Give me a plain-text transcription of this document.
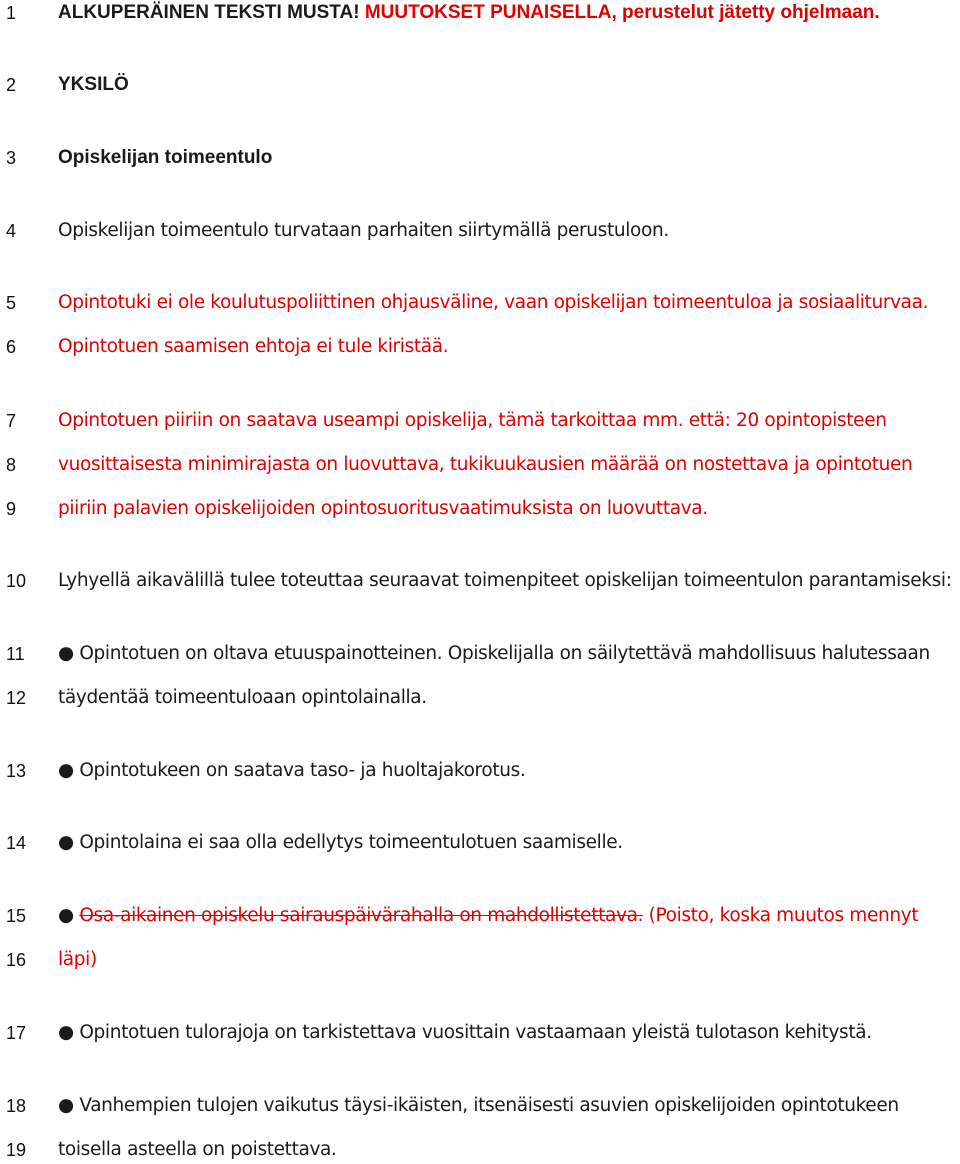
1	ALKUPERÄINEN TEKSTI MUSTA! MUUTOKSET PUNAISELLA, perustelut jätetty ohjelmaan.
2	YKSILÖ
3	Opiskelijan toimeentulo
4	Opiskelijan toimeentulo turvataan parhaiten siirtymällä perustuloon.
5	Opintotuki ei ole koulutuspoliittinen ohjausväline, vaan opiskelijan toimeentuloa ja sosiaaliturvaa.
6	Opintotuen saamisen ehtoja ei tule kiristää.
7	Opintotuen piiriin on saatava useampi opiskelija, tämä tarkoittaa mm. että: 20 opintopisteen
8	vuosittaisesta minimirajasta on luovuttava, tukikuukausien määrää on nostettava ja opintotuen
9	piiriin palavien opiskelijoiden opintosuoritusvaatimuksista on luovuttava.
10	Lyhyellä aikavälillä tulee toteuttaa seuraavat toimenpiteet opiskelijan toimeentulon parantamiseksi:
11	● Opintotuen on oltava etuuspainotteinen. Opiskelijalla on säilytettävä mahdollisuus halutessaan
12	täydentää toimeentuloaan opintolainalla.
13	● Opintotukeen on saatava taso- ja huoltajakorotus.
14	● Opintolaina ei saa olla edellytys toimeentulotuen saamiselle.
15	● Osa-aikainen opiskelu sairauspäivärahalla on mahdollistettava. (Poisto, koska muutos mennyt
16	läpi)
17	● Opintotuen tulorajoja on tarkistettava vuosittain vastaamaan yleistä tulotason kehitystä.
18	● Vanhempien tulojen vaikutus täysi-ikäisten, itsenäisesti asuvien opiskelijoiden opintotukeen
19	toisella asteella on poistettava.
